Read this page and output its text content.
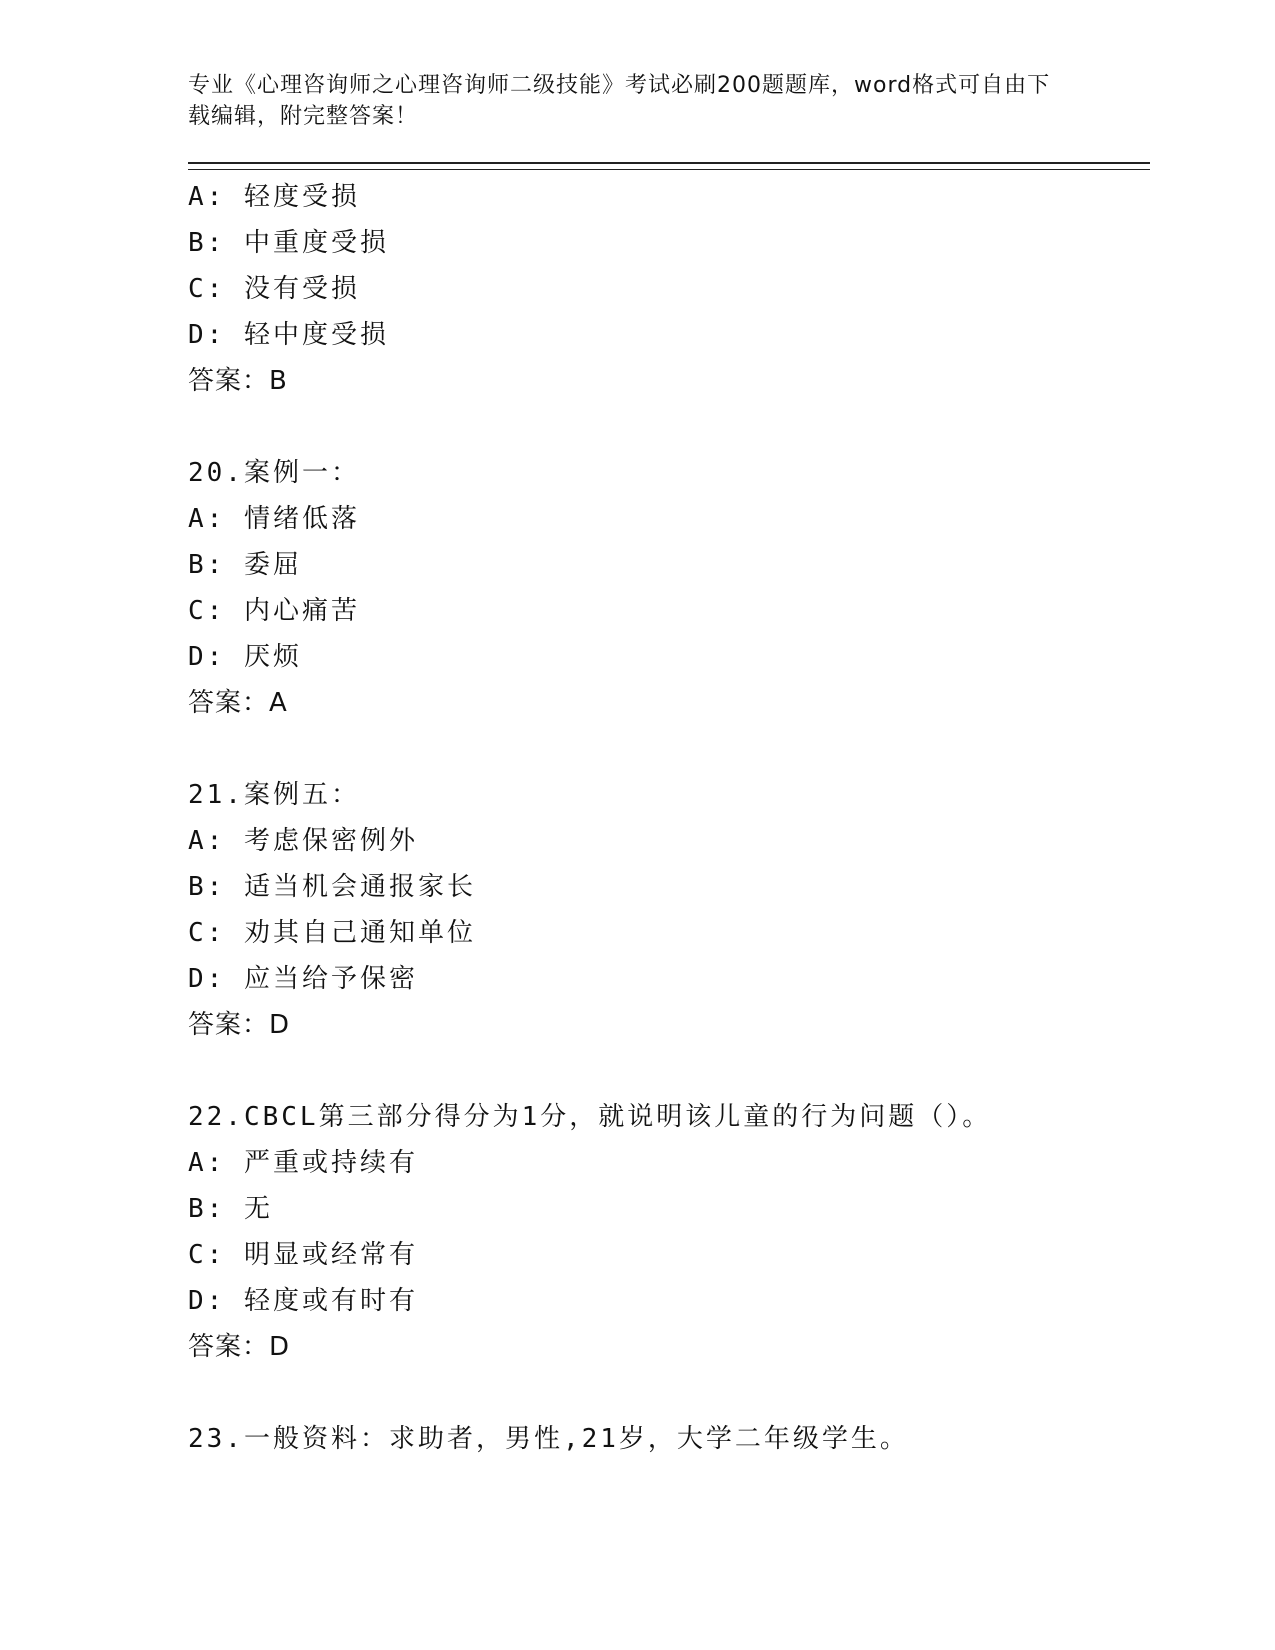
专业《心理咨询师之心理咨询师二级技能》考试必刷200题题库，word格式可自由下载编辑，附完整答案！

A: 轻度受损
B: 中重度受损
C: 没有受损
D: 轻中度受损
答案：B
20.案例一：
A: 情绪低落
B: 委屈
C: 内心痛苦
D: 厌烦
答案：A
21.案例五：
A: 考虑保密例外
B: 适当机会通报家长
C: 劝其自己通知单位
D: 应当给予保密
答案：D
22.CBCL第三部分得分为1分，就说明该儿童的行为问题（）。
A: 严重或持续有
B: 无
C: 明显或经常有
D: 轻度或有时有
答案：D
23.一般资料：求助者，男性,21岁，大学二年级学生。
